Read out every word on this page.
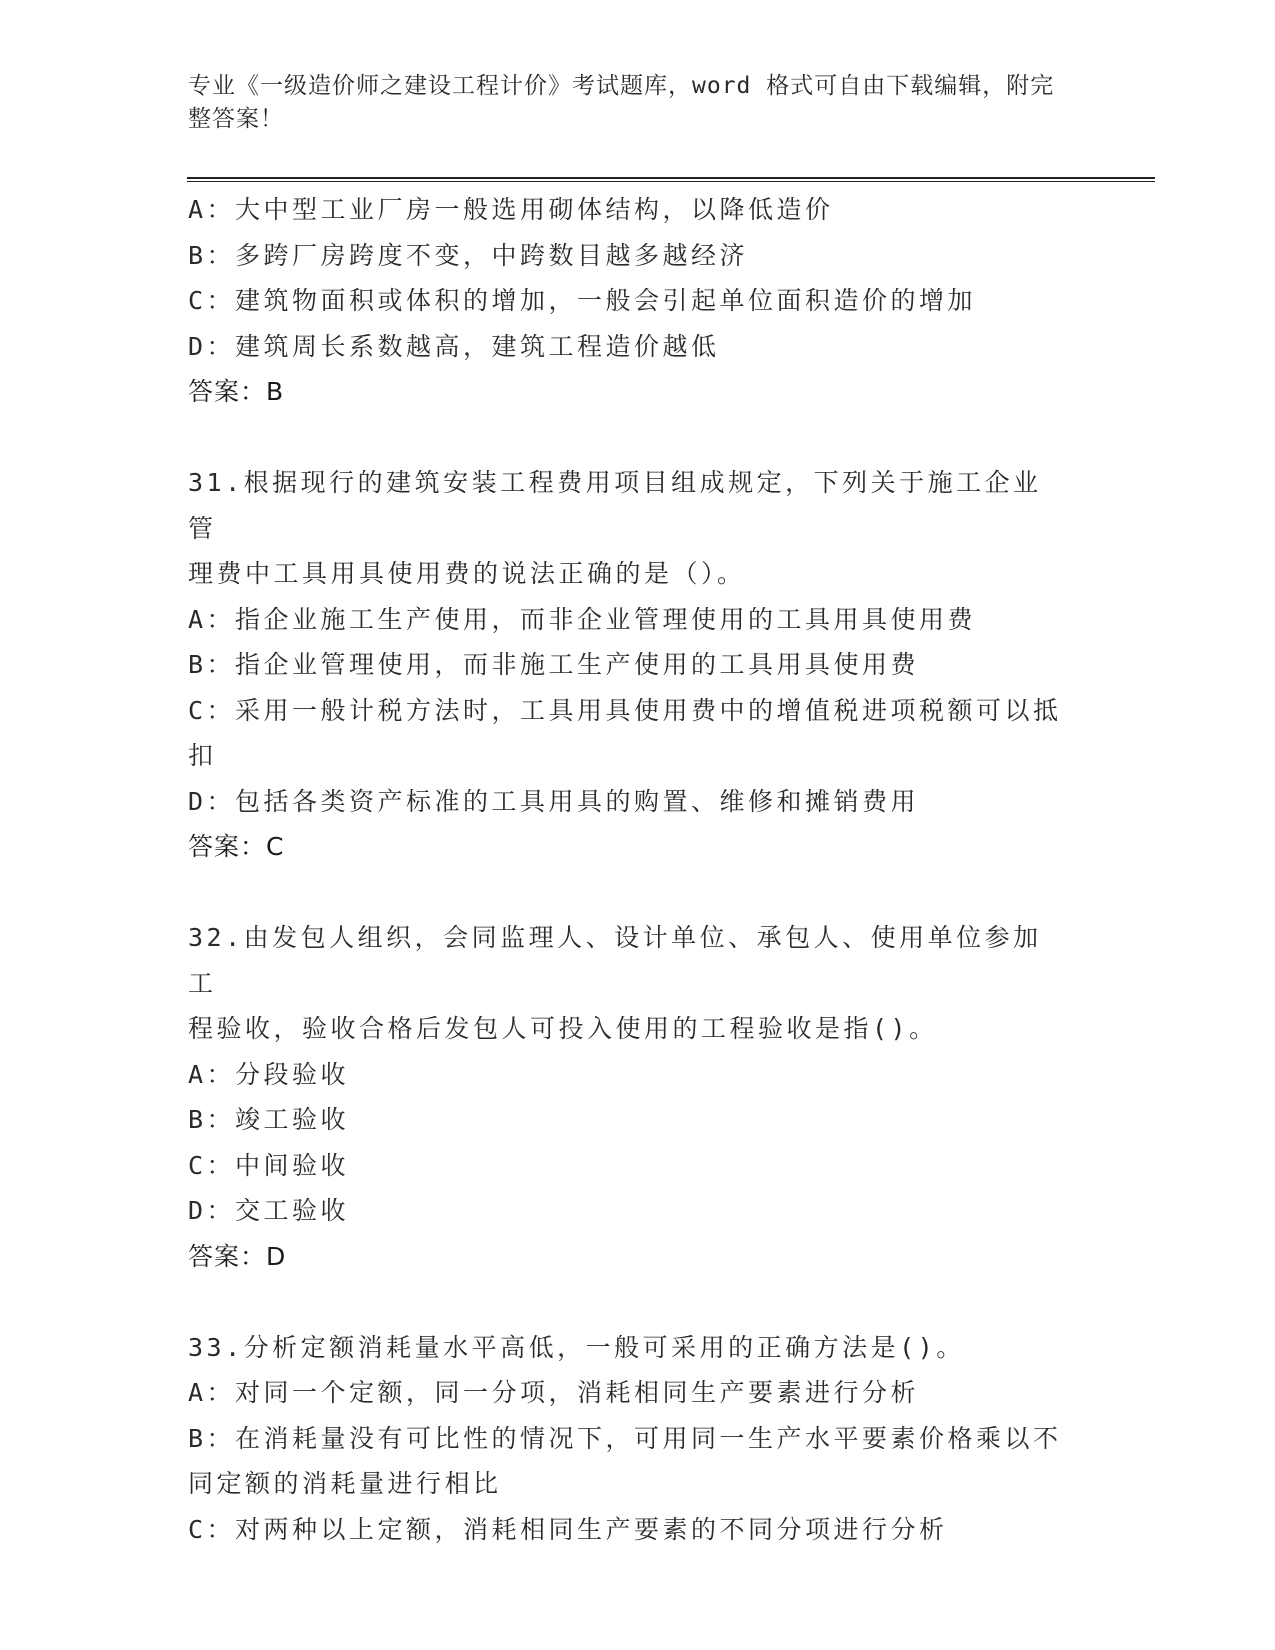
专业《一级造价师之建设工程计价》考试题库，word 格式可自由下载编辑，附完
整答案！
A：大中型工业厂房一般选用砌体结构，以降低造价
B：多跨厂房跨度不变，中跨数目越多越经济
C：建筑物面积或体积的增加，一般会引起单位面积造价的增加
D：建筑周长系数越高，建筑工程造价越低
答案：B
31.根据现行的建筑安装工程费用项目组成规定，下列关于施工企业管
理费中工具用具使用费的说法正确的是（）。
A：指企业施工生产使用，而非企业管理使用的工具用具使用费
B：指企业管理使用，而非施工生产使用的工具用具使用费
C：采用一般计税方法时，工具用具使用费中的增值税进项税额可以抵
扣
D：包括各类资产标准的工具用具的购置、维修和摊销费用
答案：C
32.由发包人组织，会同监理人、设计单位、承包人、使用单位参加工
程验收，验收合格后发包人可投入使用的工程验收是指()。
A：分段验收
B：竣工验收
C：中间验收
D：交工验收
答案：D
33.分析定额消耗量水平高低，一般可采用的正确方法是()。
A：对同一个定额，同一分项，消耗相同生产要素进行分析
B：在消耗量没有可比性的情况下，可用同一生产水平要素价格乘以不
同定额的消耗量进行相比
C：对两种以上定额，消耗相同生产要素的不同分项进行分析
